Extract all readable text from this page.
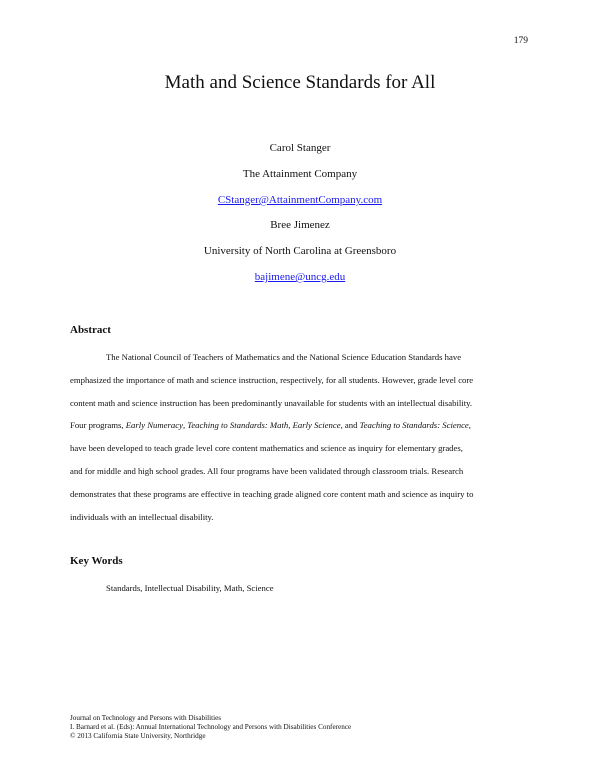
179
Math and Science Standards for All
Carol Stanger
The Attainment Company
CStanger@AttainmentCompany.com
Bree Jimenez
University of North Carolina at Greensboro
bajimene@uncg.edu
Abstract

The National Council of Teachers of Mathematics and the National Science Education Standards have
emphasized the importance of math and science instruction, respectively, for all students. However, grade level core
content math and science instruction has been predominantly unavailable for students with an intellectual disability.
Four programs, Early Numeracy, Teaching to Standards: Math, Early Science, and Teaching to Standards: Science,
have been developed to teach grade level core content mathematics and science as inquiry for elementary grades,
and for middle and high school grades. All four programs have been validated through classroom trials. Research
demonstrates that these programs are effective in teaching grade aligned core content math and science as inquiry to
individuals with an intellectual disability.

Key Words
Standards, Intellectual Disability, Math, Science
Journal on Technology and Persons with Disabilities
I. Barnard et al. (Eds): Annual International Technology and Persons with Disabilities Conference
© 2013 California State University, Northridge
